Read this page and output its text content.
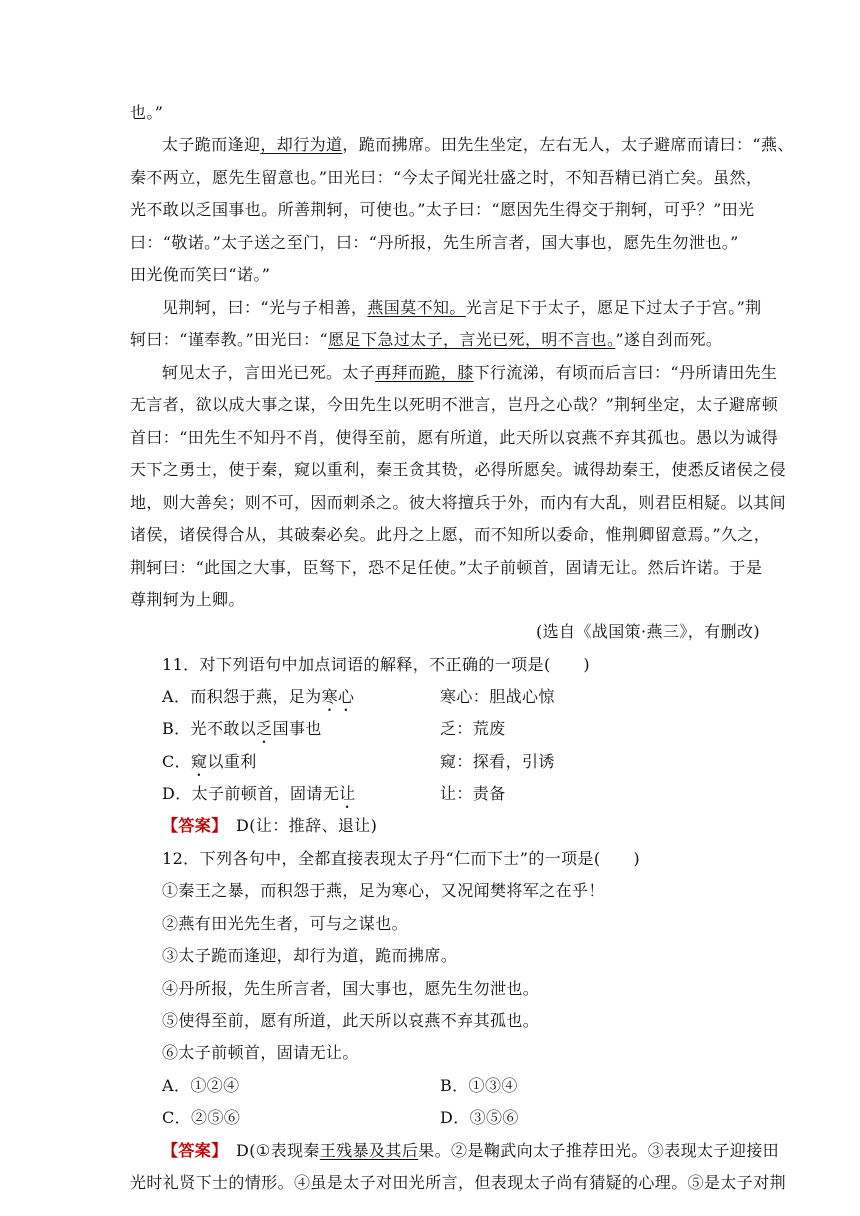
也。”
太子跪而逢迎，却行为道，跪而拂席。田先生坐定，左右无人，太子避席而请曰：“燕、
秦不两立，愿先生留意也。”田光曰：“今太子闻光壮盛之时，不知吾精已消亡矣。虽然，
光不敢以乏国事也。所善荆轲，可使也。”太子曰：“愿因先生得交于荆轲，可乎？”田光
曰：“敬诺。”太子送之至门，曰：“丹所报，先生所言者，国大事也，愿先生勿泄也。”
田光俛而笑曰“诺。”
见荆轲，曰：“光与子相善，燕国莫不知。光言足下于太子，愿足下过太子于宫。”荆
轲曰：“谨奉教。”田光曰：“愿足下急过太子，言光已死，明不言也。”遂自刭而死。
轲见太子，言田光已死。太子再拜而跪，膝下行流涕，有顷而后言曰：“丹所请田先生
无言者，欲以成大事之谋，今田先生以死明不泄言，岂丹之心哉？”荆轲坐定，太子避席顿
首曰：“田先生不知丹不肖，使得至前，愿有所道，此天所以哀燕不弃其孤也。愚以为诚得
天下之勇士，使于秦，窥以重利，秦王贪其贽，必得所愿矣。诚得劫秦王，使悉反诸侯之侵
地，则大善矣；则不可，因而刺杀之。彼大将擅兵于外，而内有大乱，则君臣相疑。以其间
诸侯，诸侯得合从，其破秦必矣。此丹之上愿，而不知所以委命，惟荆卿留意焉。”久之，
荆轲曰：“此国之大事，臣驽下，恐不足任使。”太子前顿首，固请无让。然后许诺。于是
尊荆轲为上卿。
(选自《战国策·燕三》，有删改)
11．对下列语句中加点词语的解释，不正确的一项是(　　)
A．而积怨于燕，足为寒心	寒心：胆战心惊
B．光不敢以乏国事也	乏：荒废
C．窥以重利	窥：探看，引诱
D．太子前顿首，固请无让	让：责备
【答案】　D(让：推辞、退让)
12．下列各句中，全都直接表现太子丹“仁而下士”的一项是(　　)
①秦王之暴，而积怨于燕，足为寒心，又况闻樊将军之在乎！
②燕有田光先生者，可与之谋也。
③太子跪而逢迎，却行为道，跪而拂席。
④丹所报，先生所言者，国大事也，愿先生勿泄也。
⑤使得至前，愿有所道，此天所以哀燕不弃其孤也。
⑥太子前顿首，固请无让。
A．①②④	B．①③④
C．②⑤⑥	D．③⑤⑥
【答案】　D(①表现秦王残暴及其后果。②是鞠武向太子推荐田光。③表现太子迎接田
光时礼贤下士的情形。④虽是太子对田光所言，但表现太子尚有猜疑的心理。⑤是太子对荆
